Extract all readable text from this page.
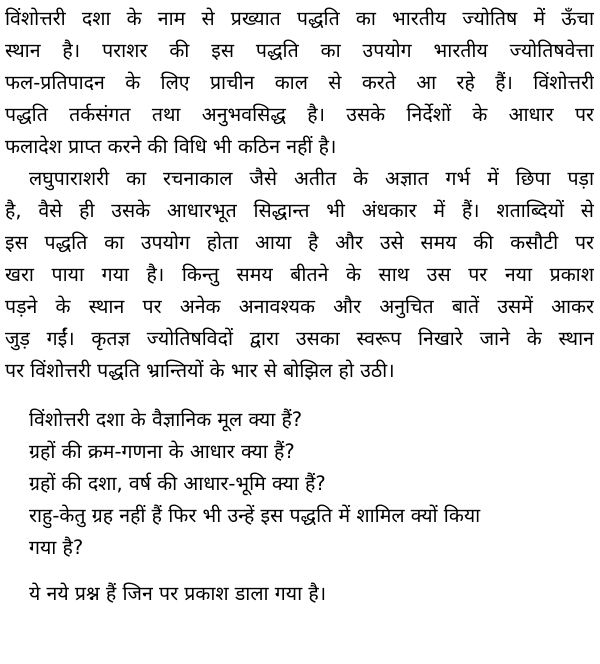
विंशोत्तरी दशा के नाम से प्रख्यात पद्धति का भारतीय ज्योतिष में ऊँचा

स्थान है। पराशर की इस पद्धति का उपयोग भारतीय ज्योतिषवेत्ता

फल-प्रतिपादन के लिए प्राचीन काल से करते आ रहे हैं। विंशोत्तरी

पद्धति तर्कसंगत तथा अनुभवसिद्ध है। उसके निर्देशों के आधार पर

फलादेश प्राप्त करने की विधि भी कठिन नहीं है।

लघुपाराशरी का रचनाकाल जैसे अतीत के अज्ञात गर्भ में छिपा पड़ा

है, वैसे ही उसके आधारभूत सिद्धान्त भी अंधकार में हैं। शताब्दियों से

इस पद्धति का उपयोग होता आया है और उसे समय की कसौटी पर

खरा पाया गया है। किन्तु समय बीतने के साथ उस पर नया प्रकाश

पड़ने के स्थान पर अनेक अनावश्यक और अनुचित बातें उसमें आकर

जुड़ गईं। कृतज्ञ ज्योतिषविदों द्वारा उसका स्वरूप निखारे जाने के स्थान

पर विंशोत्तरी पद्धति भ्रान्तियों के भार से बोझिल हो उठी।

विंशोत्तरी दशा के वैज्ञानिक मूल क्या हैं?
ग्रहों की क्रम-गणना के आधार क्या हैं?
ग्रहों की दशा, वर्ष की आधार-भूमि क्या हैं?
राहु-केतु ग्रह नहीं हैं फिर भी उन्हें इस पद्धति में शामिल क्यों किया
गया है?
ये नये प्रश्न हैं जिन पर प्रकाश डाला गया है।
